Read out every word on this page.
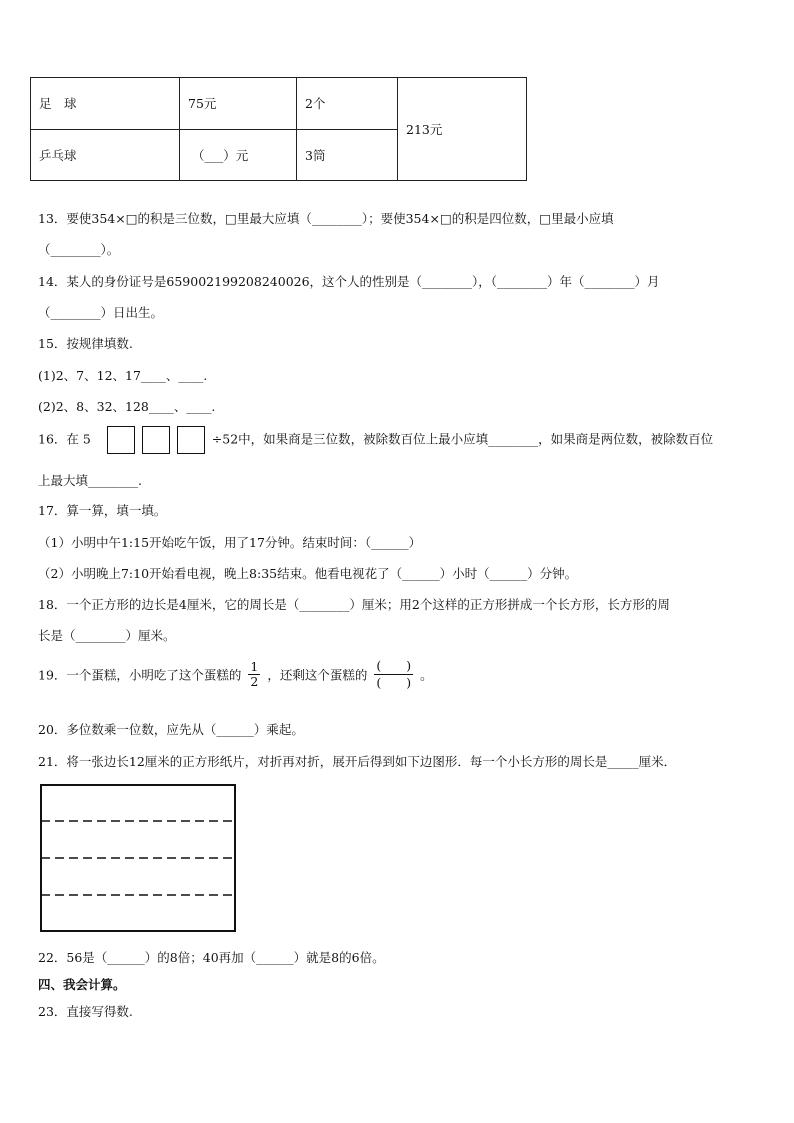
足　球	75元	2个	213元
乒乓球	（___）元	3筒	
13．要使354×□的积是三位数，□里最大应填（________）；要使354×□的积是四位数，□里最小应填
（________）。
14．某人的身份证号是659002199208240026，这个人的性别是（________），（________）年（________）月
（________）日出生。
15．按规律填数.
(1)2、7、12、17____、____.
(2)2、8、32、128____、____.
16．在 5	÷52中，如果商是三位数，被除数百位上最小应填________，如果商是两位数，被除数百位
上最大填________.
17．算一算，填一填。
（1）小明中午1:15开始吃午饭，用了17分钟。结束时间：（______）
（2）小明晚上7:10开始看电视，晚上8:35结束。他看电视花了（______）小时（______）分钟。
18．一个正方形的边长是4厘米，它的周长是（________）厘米；用2个这样的正方形拼成一个长方形，长方形的周
长是（________）厘米。
19．一个蛋糕，小明吃了这个蛋糕的 $\frac{1}{2}$ ，还剩这个蛋糕的 $\frac{( )}{( )}$ 。
20．多位数乘一位数，应先从（______）乘起。
21．将一张边长12厘米的正方形纸片，对折再对折，展开后得到如下边图形．每一个小长方形的周长是_____厘米．
22．56是（______）的8倍；40再加（______）就是8的6倍。
四、我会计算。
23．直接写得数.
